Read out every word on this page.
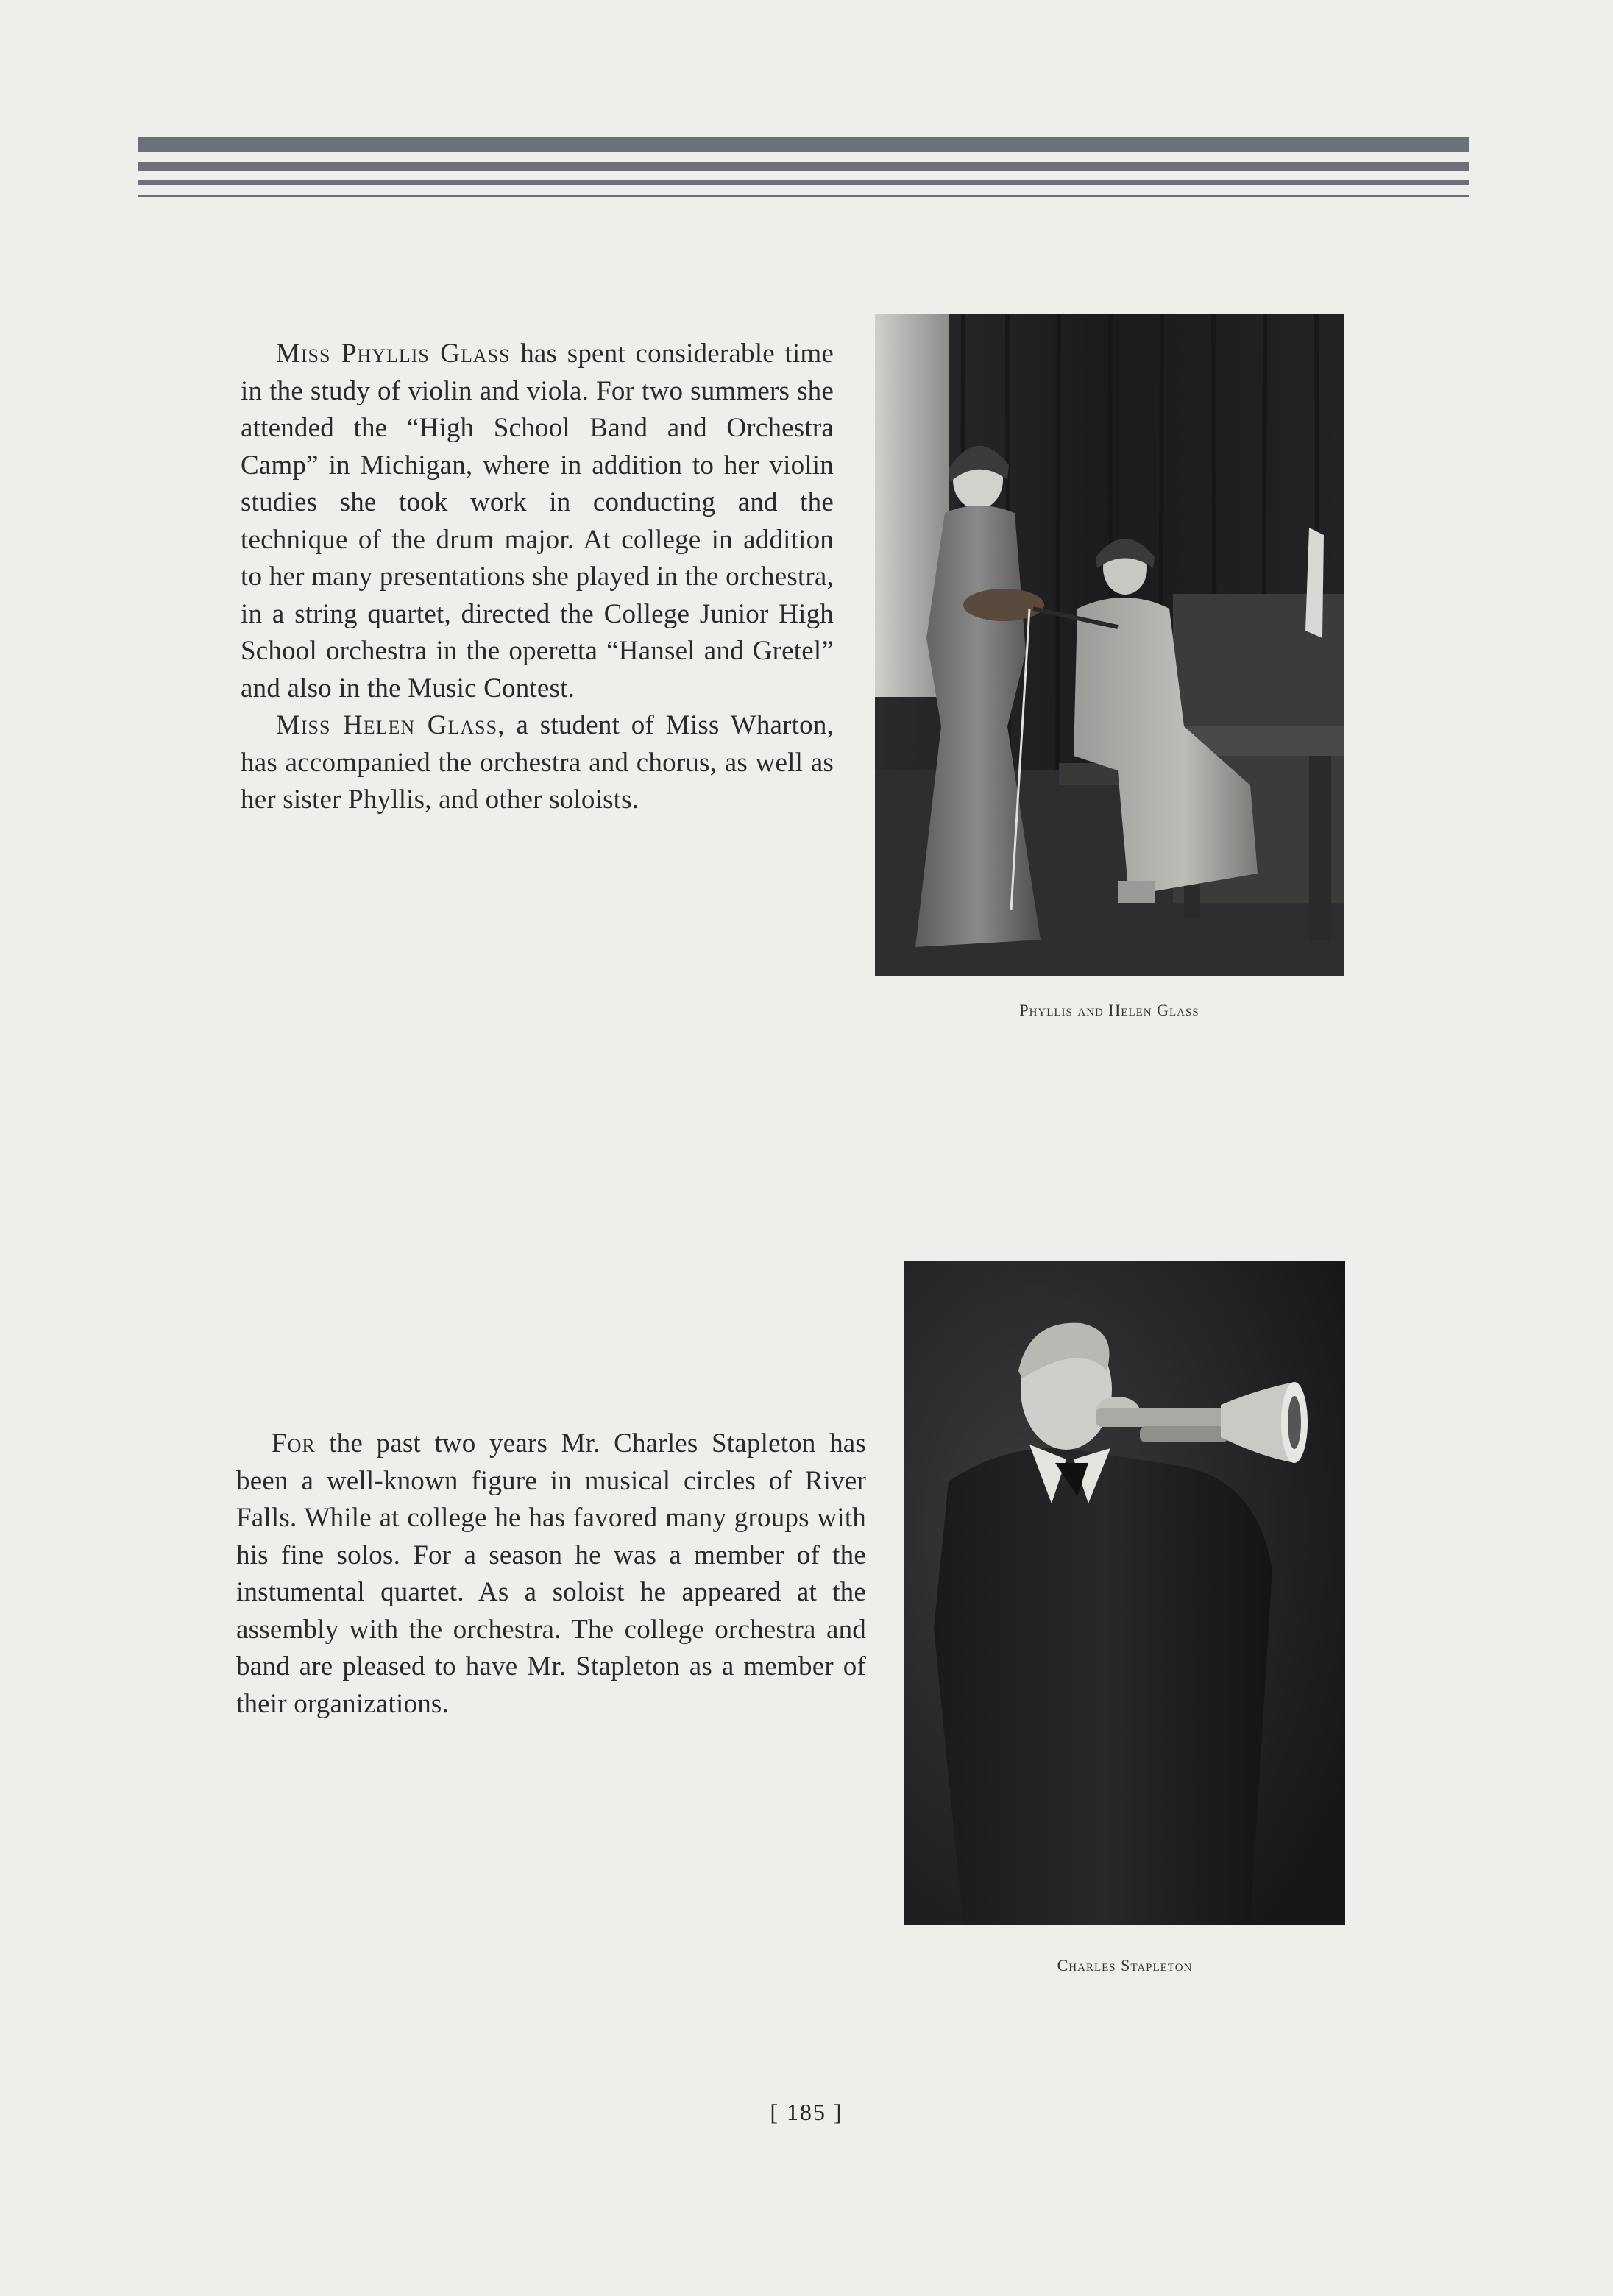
Miss Phyllis Glass has spent considerable time in the study of violin and viola. For two summers she attended the “High School Band and Orchestra Camp” in Michigan, where in addition to her violin studies she took work in conducting and the technique of the drum major. At college in addition to her many presentations she played in the orchestra, in a string quartet, directed the College Junior High School orchestra in the operetta “Hansel and Gretel” and also in the Music Contest.

Miss Helen Glass, a student of Miss Wharton, has accompanied the orchestra and chorus, as well as her sister Phyllis, and other soloists.

Phyllis and Helen Glass

For the past two years Mr. Charles Stapleton has been a well-known figure in musical circles of River Falls. While at college he has favored many groups with his fine solos. For a season he was a member of the instumental quartet. As a soloist he appeared at the assembly with the orchestra. The college orchestra and band are pleased to have Mr. Stapleton as a member of their organizations.

Charles Stapleton
[ 185 ]
